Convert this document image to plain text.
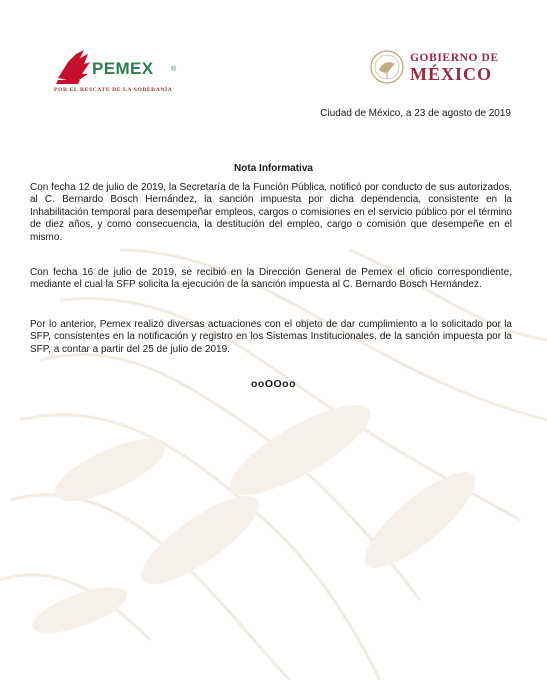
PEMEX ®
POR EL RESCATE DE LA SOBERANÍA
GOBIERNO DE
MÉXICO
Ciudad de México, a 23 de agosto de 2019
Nota Informativa
Con fecha 12 de julio de 2019, la Secretaría de la Función Pública, notificó por conducto de sus autorizados, al C. Bernardo Bosch Hernández, la sanción impuesta por dicha dependencia, consistente en la Inhabilitación temporal para desempeñar empleos, cargos o comisiones en el servicio público por el término de diez años, y como consecuencia, la destitución del empleo, cargo o comisión que desempeñe en el mismo.
Con fecha 16 de julio de 2019, se recibió en la Dirección General de Pemex el oficio correspondiente, mediante el cual la SFP solicita la ejecución de la sanción impuesta al C. Bernardo Bosch Hernández.
Por lo anterior, Pemex realizó diversas actuaciones con el objeto de dar cumplimiento a lo solicitado por la SFP, consistentes en la notificación y registro en los Sistemas Institucionales, de la sanción impuesta por la SFP, a contar a partir del 25 de julio de 2019.
ooOOoo
